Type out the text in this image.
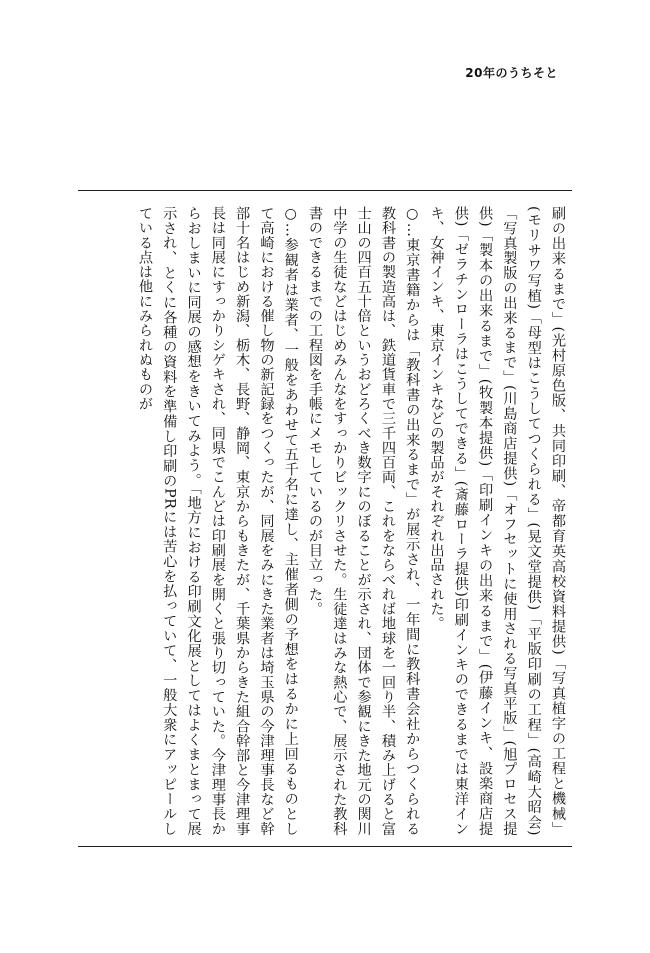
20年のうちそと

刷の出来るまで」(光村原色版、共同印刷、帝都育英高校資料提供)「写真植字の工程と機械」(モリサワ写植)「母型はこうしてつくられる」(晃文堂提供)「平版印刷の工程」(高崎大昭会)「写真製版の出来るまで」(川島商店提供)「オフセットに使用される写真平版」(旭プロセス提供)「製本の出来るまで」(牧製本提供)「印刷インキの出来るまで」(伊藤インキ、設楽商店提供)「ゼラチンローラはこうしてできる」(斎藤ローラ提供)印刷インキのできるまでは東洋インキ、女神インキ、東京インキなどの製品がそれぞれ出品された。

○…東京書籍からは「教科書の出来るまで」が展示され、一年間に教科書会社からつくられる教科書の製造高は、鉄道貨車で三千四百両、これをならべれば地球を一回り半、積み上げると富士山の四百五十倍というおどろくべき数字にのぼることが示され、団体で参観にきた地元の関川中学の生徒などはじめみんなをすっかりビックリさせた。生徒達はみな熱心で、展示された教科書のできるまでの工程図を手帳にメモしているのが目立った。

○…参観者は業者、一般をあわせて五千名に達し、主催者側の予想をはるかに上回るものとして高崎における催し物の新記録をつくったが、同展をみにきた業者は埼玉県の今津理事長など幹部十名はじめ新潟、栃木、長野、静岡、東京からもきたが、千葉県からきた組合幹部と今津理事長は同展にすっかりシゲキされ、同県でこんどは印刷展を開くと張り切っていた。今津理事長からおしまいに同展の感想をきいてみよう。「地方における印刷文化展としてはよくまとまって展示され、とくに各種の資料を準備し印刷のPRには苦心を払っていて、一般大衆にアッピールしている点は他にみられぬものが
